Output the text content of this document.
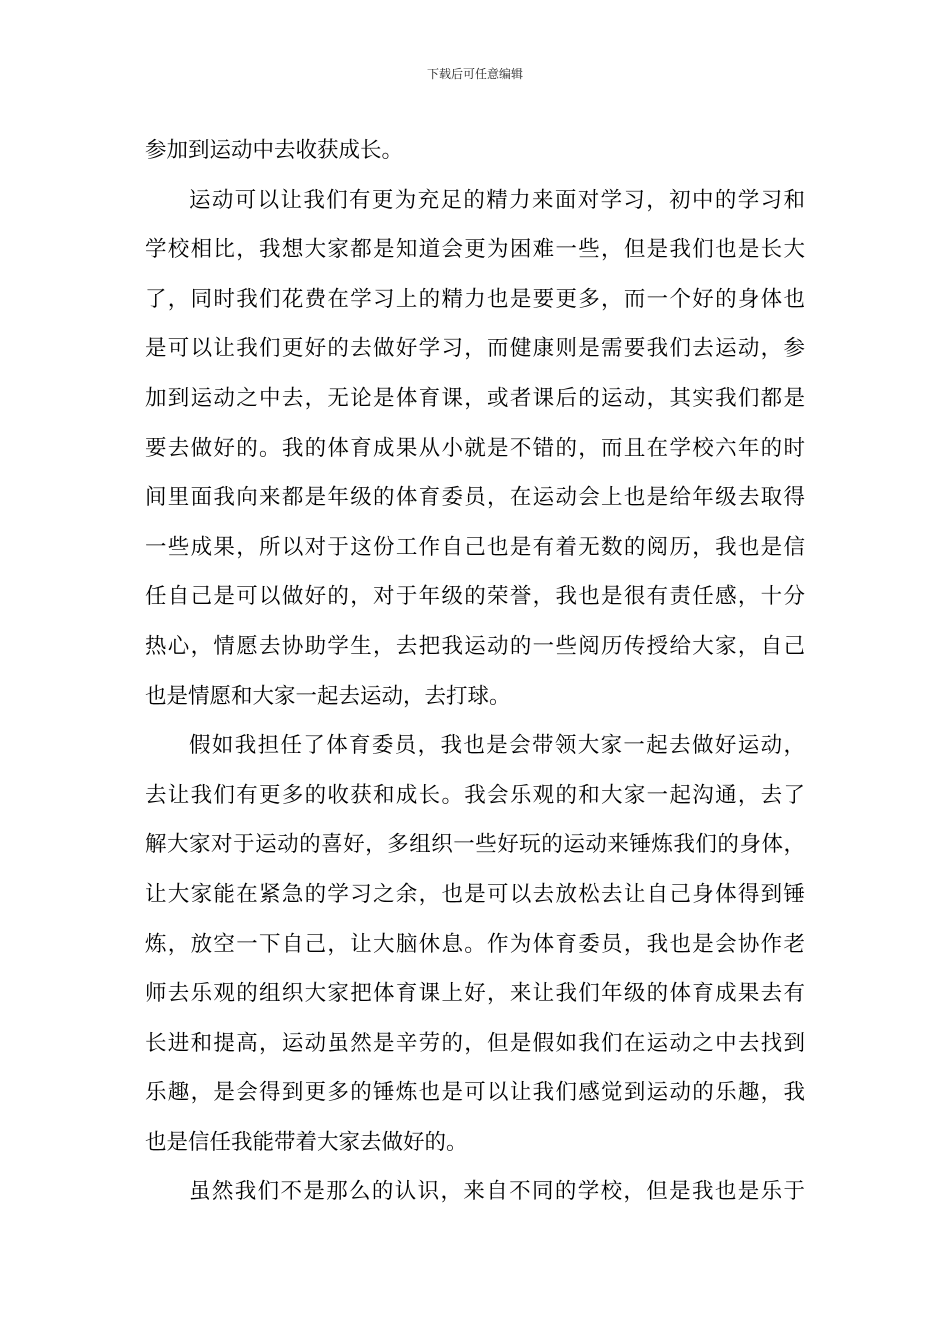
下载后可任意编辑
参加到运动中去收获成长。
运动可以让我们有更为充足的精力来面对学习，初中的学习和
学校相比，我想大家都是知道会更为困难一些，但是我们也是长大
了，同时我们花费在学习上的精力也是要更多，而一个好的身体也
是可以让我们更好的去做好学习，而健康则是需要我们去运动，参
加到运动之中去，无论是体育课，或者课后的运动，其实我们都是
要去做好的。我的体育成果从小就是不错的，而且在学校六年的时
间里面我向来都是年级的体育委员，在运动会上也是给年级去取得
一些成果，所以对于这份工作自己也是有着无数的阅历，我也是信
任自己是可以做好的，对于年级的荣誉，我也是很有责任感，十分
热心，情愿去协助学生，去把我运动的一些阅历传授给大家，自己
也是情愿和大家一起去运动，去打球。
假如我担任了体育委员，我也是会带领大家一起去做好运动，
去让我们有更多的收获和成长。我会乐观的和大家一起沟通，去了
解大家对于运动的喜好，多组织一些好玩的运动来锤炼我们的身体，
让大家能在紧急的学习之余，也是可以去放松去让自己身体得到锤
炼，放空一下自己，让大脑休息。作为体育委员，我也是会协作老
师去乐观的组织大家把体育课上好，来让我们年级的体育成果去有
长进和提高，运动虽然是辛劳的，但是假如我们在运动之中去找到
乐趣，是会得到更多的锤炼也是可以让我们感觉到运动的乐趣，我
也是信任我能带着大家去做好的。
虽然我们不是那么的认识，来自不同的学校，但是我也是乐于
